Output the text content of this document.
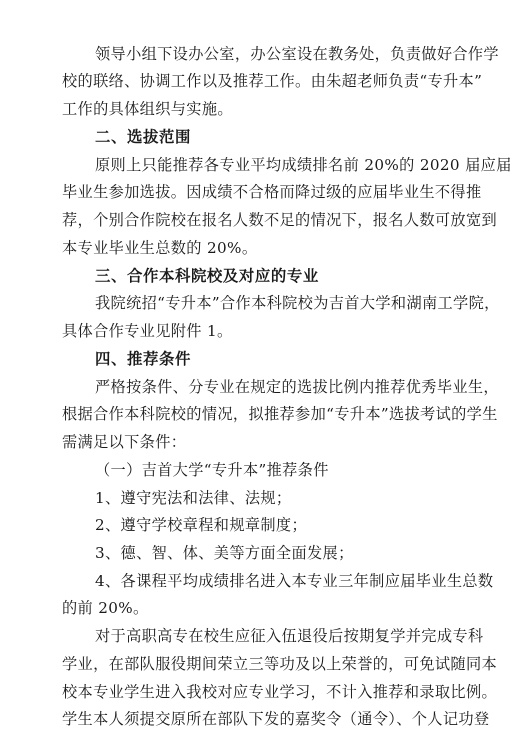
领导小组下设办公室，办公室设在教务处，负责做好合作学
校的联络、协调工作以及推荐工作。由朱超老师负责“专升本”
工作的具体组织与实施。
二、选拔范围
原则上只能推荐各专业平均成绩排名前 20%的 2020 届应届
毕业生参加选拔。因成绩不合格而降过级的应届毕业生不得推
荐，个别合作院校在报名人数不足的情况下，报名人数可放宽到
本专业毕业生总数的 20%。
三、合作本科院校及对应的专业
我院统招“专升本”合作本科院校为吉首大学和湖南工学院，
具体合作专业见附件 1。
四、推荐条件
严格按条件、分专业在规定的选拔比例内推荐优秀毕业生，
根据合作本科院校的情况，拟推荐参加“专升本”选拔考试的学生
需满足以下条件：
（一）吉首大学“专升本”推荐条件
1、遵守宪法和法律、法规；
2、遵守学校章程和规章制度；
3、德、智、体、美等方面全面发展；
4、各课程平均成绩排名进入本专业三年制应届毕业生总数
的前 20%。
对于高职高专在校生应征入伍退役后按期复学并完成专科
学业，在部队服役期间荣立三等功及以上荣誉的，可免试随同本
校本专业学生进入我校对应专业学习，不计入推荐和录取比例。
学生本人须提交原所在部队下发的嘉奖令（通令）、个人记功登
